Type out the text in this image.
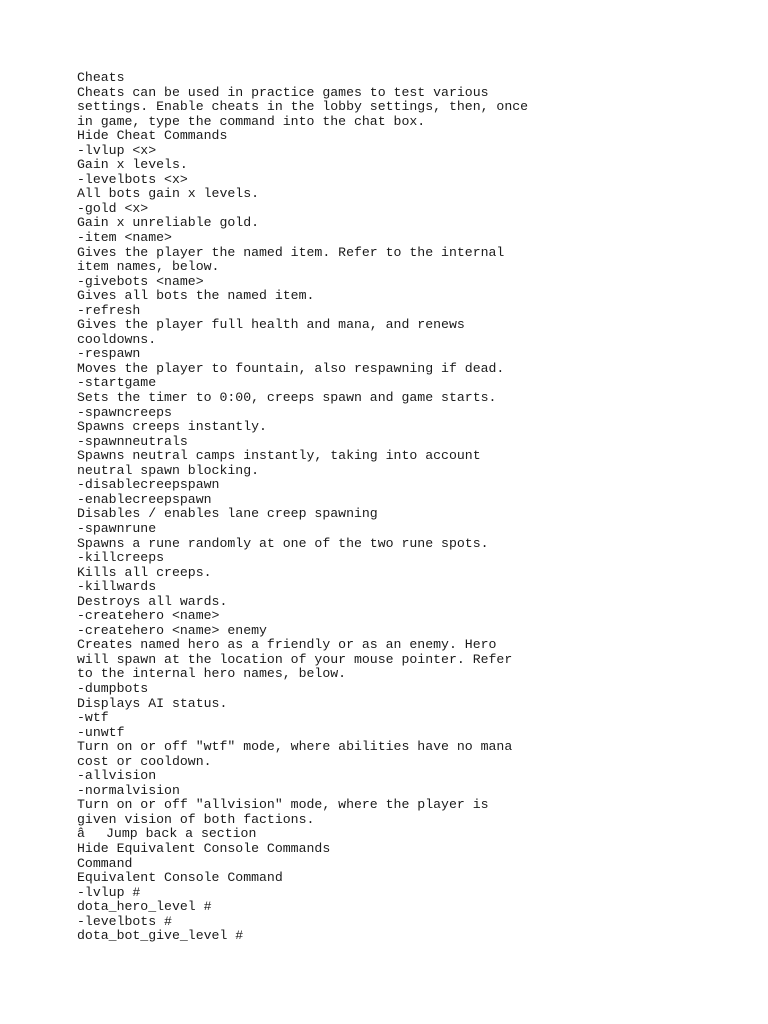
Cheats
Cheats can be used in practice games to test various
settings. Enable cheats in the lobby settings, then, once
in game, type the command into the chat box.
Hide Cheat Commands
-lvlup <x>
Gain x levels.
-levelbots <x>
All bots gain x levels.
-gold <x>
Gain x unreliable gold.
-item <name>
Gives the player the named item. Refer to the internal
item names, below.
-givebots <name>
Gives all bots the named item.
-refresh
Gives the player full health and mana, and renews
cooldowns.
-respawn
Moves the player to fountain, also respawning if dead.
-startgame
Sets the timer to 0:00, creeps spawn and game starts.
-spawncreeps
Spawns creeps instantly.
-spawnneutrals
Spawns neutral camps instantly, taking into account
neutral spawn blocking.
-disablecreepspawn
-enablecreepspawn
Disables / enables lane creep spawning
-spawnrune
Spawns a rune randomly at one of the two rune spots.
-killcreeps
Kills all creeps.
-killwards
Destroys all wards.
-createhero <name>
-createhero <name> enemy
Creates named hero as a friendly or as an enemy. Hero
will spawn at the location of your mouse pointer. Refer
to the internal hero names, below.
-dumpbots
Displays AI status.
-wtf
-unwtf
Turn on or off "wtf" mode, where abilities have no mana
cost or cooldown.
-allvision
-normalvision
Turn on or off "allvision" mode, where the player is
given vision of both factions.
âJump back a section
Hide Equivalent Console Commands
Command
Equivalent Console Command
-lvlup #
dota_hero_level #
-levelbots #
dota_bot_give_level #
